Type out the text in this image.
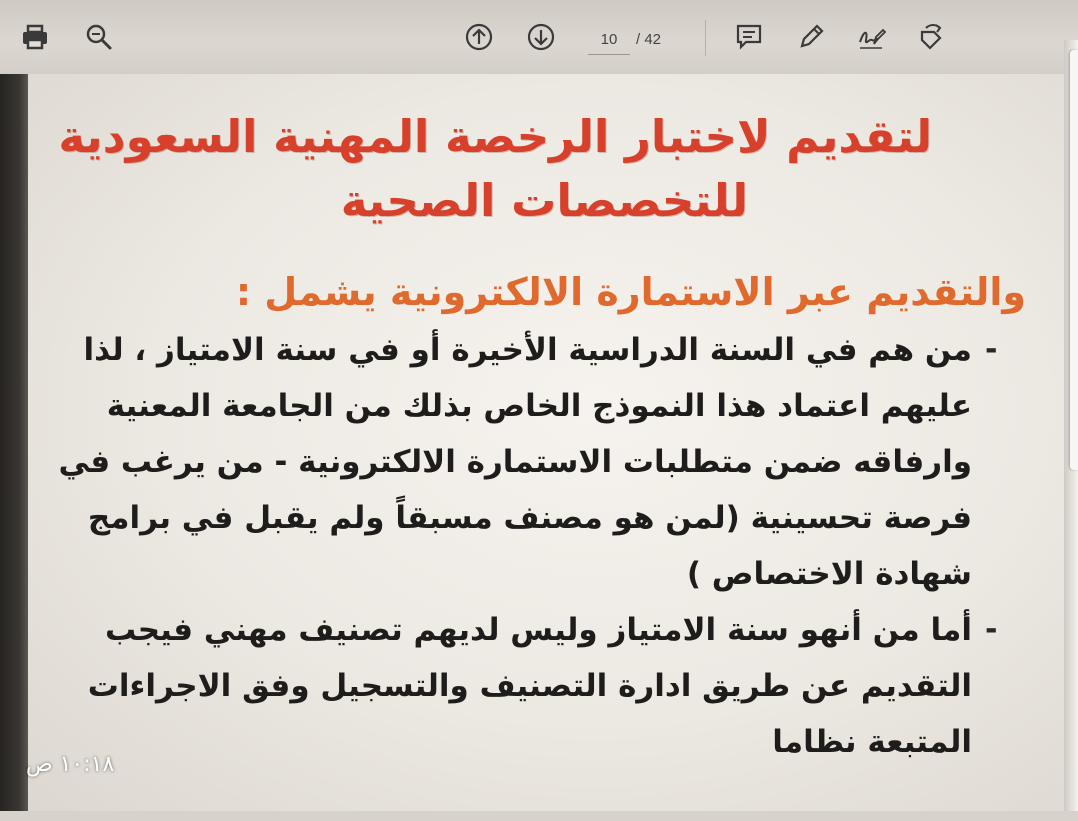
10	/ 42
لتقديم لاختبار الرخصة المهنية السعودية
للتخصصات الصحية
والتقديم عبر الاستمارة الالكترونية يشمل :
-
من هم في السنة الدراسية الأخيرة أو في سنة الامتياز ، لذا
عليهم اعتماد هذا النموذج الخاص بذلك من الجامعة المعنية
وارفاقه ضمن متطلبات الاستمارة الالكترونية - من يرغب في
فرصة تحسينية (لمن هو مصنف مسبقاً ولم يقبل في برامج
شهادة الاختصاص )
-
أما من أنهو سنة الامتياز وليس لديهم تصنيف مهني فيجب
التقديم عن طريق ادارة التصنيف والتسجيل وفق الاجراءات
المتبعة نظاما
١٠:١٨ ص
